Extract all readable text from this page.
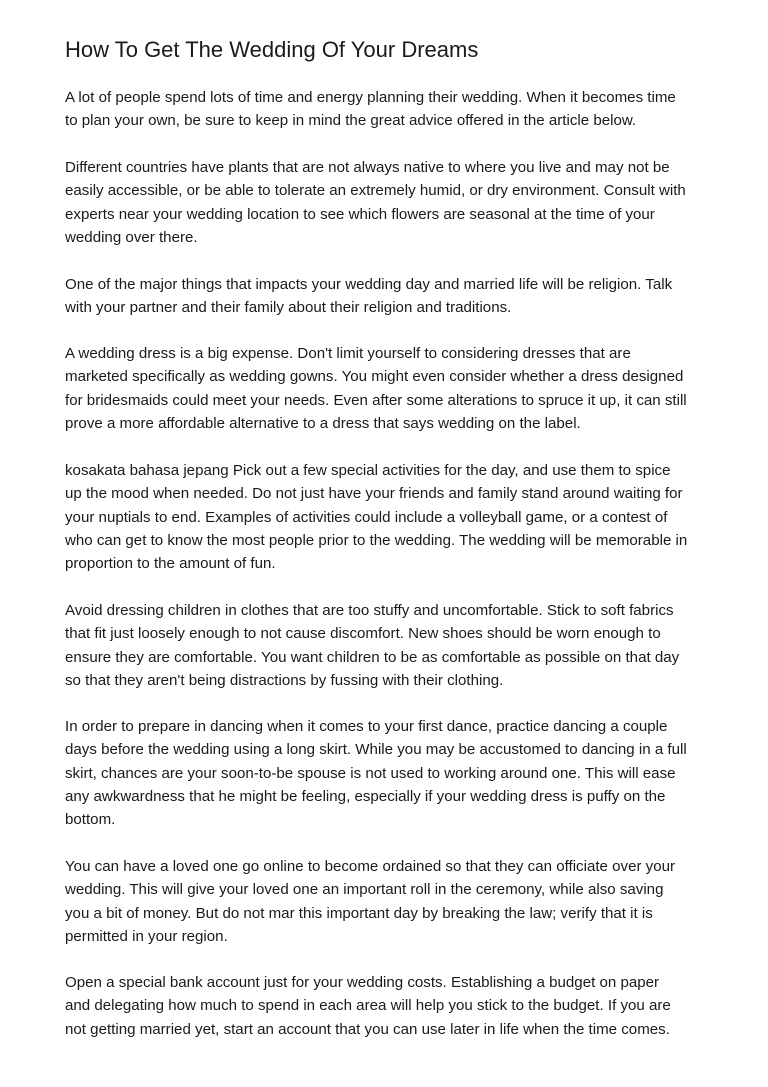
How To Get The Wedding Of Your Dreams

A lot of people spend lots of time and energy planning their wedding. When it becomes time
to plan your own, be sure to keep in mind the great advice offered in the article below.

Different countries have plants that are not always native to where you live and may not be
easily accessible, or be able to tolerate an extremely humid, or dry environment. Consult with
experts near your wedding location to see which flowers are seasonal at the time of your
wedding over there.

One of the major things that impacts your wedding day and married life will be religion. Talk
with your partner and their family about their religion and traditions.

A wedding dress is a big expense. Don't limit yourself to considering dresses that are
marketed specifically as wedding gowns. You might even consider whether a dress designed
for bridesmaids could meet your needs. Even after some alterations to spruce it up, it can still
prove a more affordable alternative to a dress that says wedding on the label.

kosakata bahasa jepang Pick out a few special activities for the day, and use them to spice
up the mood when needed. Do not just have your friends and family stand around waiting for
your nuptials to end. Examples of activities could include a volleyball game, or a contest of
who can get to know the most people prior to the wedding. The wedding will be memorable in
proportion to the amount of fun.

Avoid dressing children in clothes that are too stuffy and uncomfortable. Stick to soft fabrics
that fit just loosely enough to not cause discomfort. New shoes should be worn enough to
ensure they are comfortable. You want children to be as comfortable as possible on that day
so that they aren't being distractions by fussing with their clothing.

In order to prepare in dancing when it comes to your first dance, practice dancing a couple
days before the wedding using a long skirt. While you may be accustomed to dancing in a full
skirt, chances are your soon-to-be spouse is not used to working around one. This will ease
any awkwardness that he might be feeling, especially if your wedding dress is puffy on the
bottom.

You can have a loved one go online to become ordained so that they can officiate over your
wedding. This will give your loved one an important roll in the ceremony, while also saving
you a bit of money. But do not mar this important day by breaking the law; verify that it is
permitted in your region.

Open a special bank account just for your wedding costs. Establishing a budget on paper
and delegating how much to spend in each area will help you stick to the budget. If you are
not getting married yet, start an account that you can use later in life when the time comes.
